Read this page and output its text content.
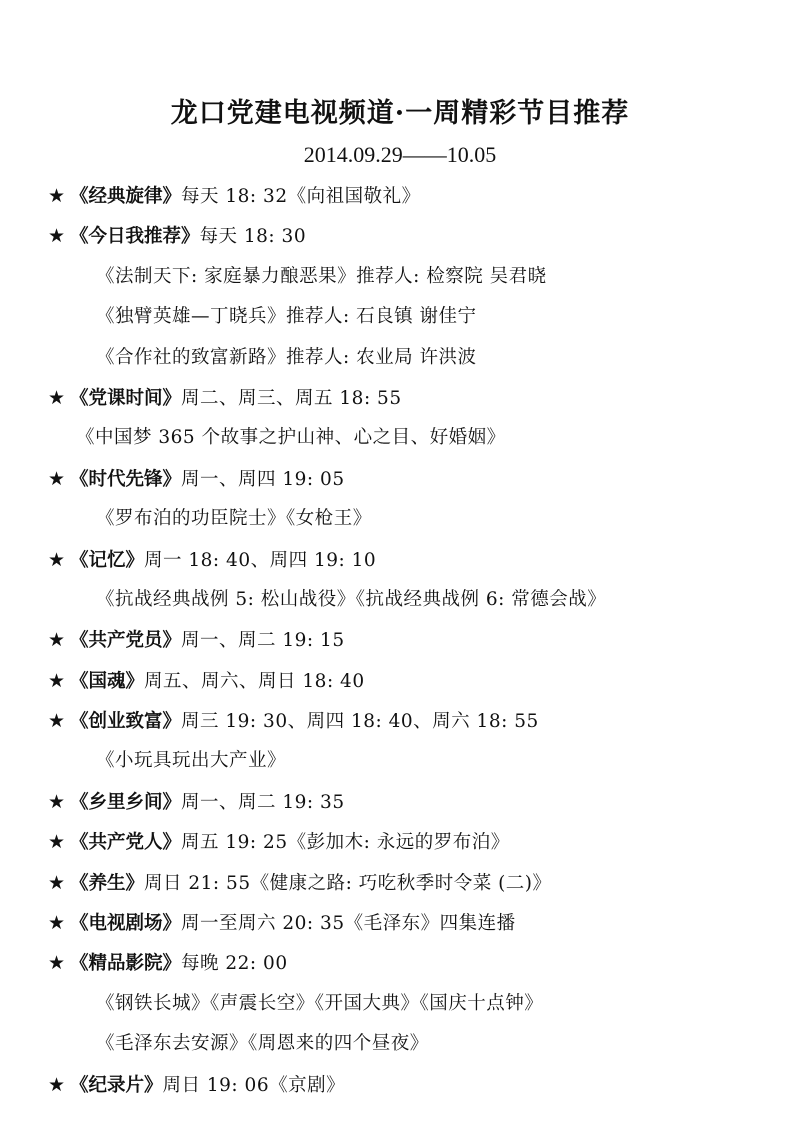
龙口党建电视频道·一周精彩节目推荐
2014.09.29——10.05
★ 《经典旋律》每天 18: 32《向祖国敬礼》
★ 《今日我推荐》每天 18: 30
《法制天下: 家庭暴力酿恶果》推荐人: 检察院 吴君晓
《独臂英雄—丁晓兵》推荐人: 石良镇 谢佳宁
《合作社的致富新路》推荐人: 农业局 许洪波
★ 《党课时间》周二、周三、周五 18: 55
《中国梦 365 个故事之护山神、心之目、好婚姻》
★ 《时代先锋》周一、周四 19: 05
《罗布泊的功臣院士》《女枪王》
★ 《记忆》周一 18: 40、周四 19: 10
《抗战经典战例 5: 松山战役》《抗战经典战例 6: 常德会战》
★ 《共产党员》周一、周二 19: 15
★ 《国魂》周五、周六、周日 18: 40
★ 《创业致富》周三 19: 30、周四 18: 40、周六 18: 55
《小玩具玩出大产业》
★ 《乡里乡间》周一、周二 19: 35
★ 《共产党人》周五 19: 25《彭加木: 永远的罗布泊》
★ 《养生》周日 21: 55《健康之路: 巧吃秋季时令菜 (二)》
★ 《电视剧场》周一至周六 20: 35《毛泽东》四集连播
★ 《精品影院》每晚 22: 00
《钢铁长城》《声震长空》《开国大典》《国庆十点钟》
《毛泽东去安源》《周恩来的四个昼夜》
★ 《纪录片》周日 19: 06《京剧》
